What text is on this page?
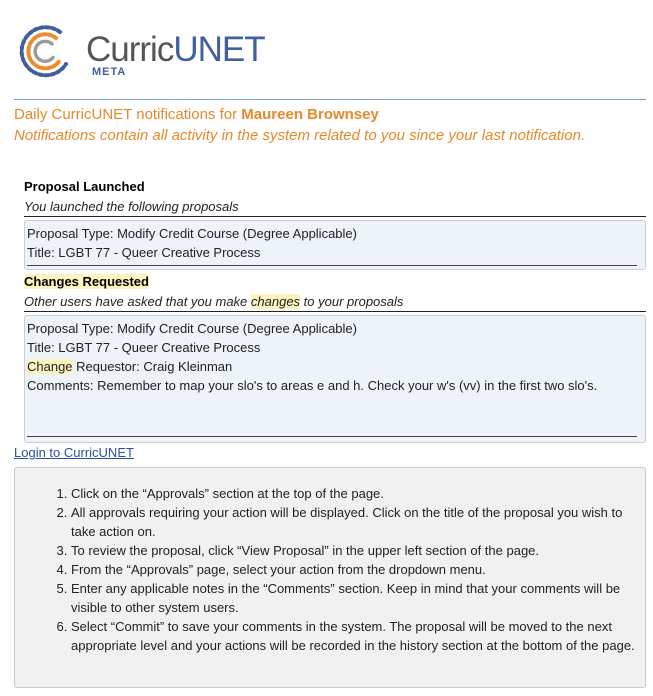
CurricUNET
META
Daily CurricUNET notifications for Maureen Brownsey
Notifications contain all activity in the system related to you since your last notification.
Proposal Launched
You launched the following proposals
Proposal Type: Modify Credit Course (Degree Applicable)
Title: LGBT 77 - Queer Creative Process
Changes Requested
Other users have asked that you make changes to your proposals
Proposal Type: Modify Credit Course (Degree Applicable)
Title: LGBT 77 - Queer Creative Process
Change Requestor: Craig Kleinman
Comments: Remember to map your slo's to areas e and h. Check your w's (vv) in the first two slo's.
Login to CurricUNET
1. Click on the “Approvals” section at the top of the page.
2. All approvals requiring your action will be displayed. Click on the title of the proposal you wish to take action on.
3. To review the proposal, click “View Proposal” in the upper left section of the page.
4. From the “Approvals” page, select your action from the dropdown menu.
5. Enter any applicable notes in the “Comments” section. Keep in mind that your comments will be visible to other system users.
6. Select “Commit” to save your comments in the system. The proposal will be moved to the next appropriate level and your actions will be recorded in the history section at the bottom of the page.
